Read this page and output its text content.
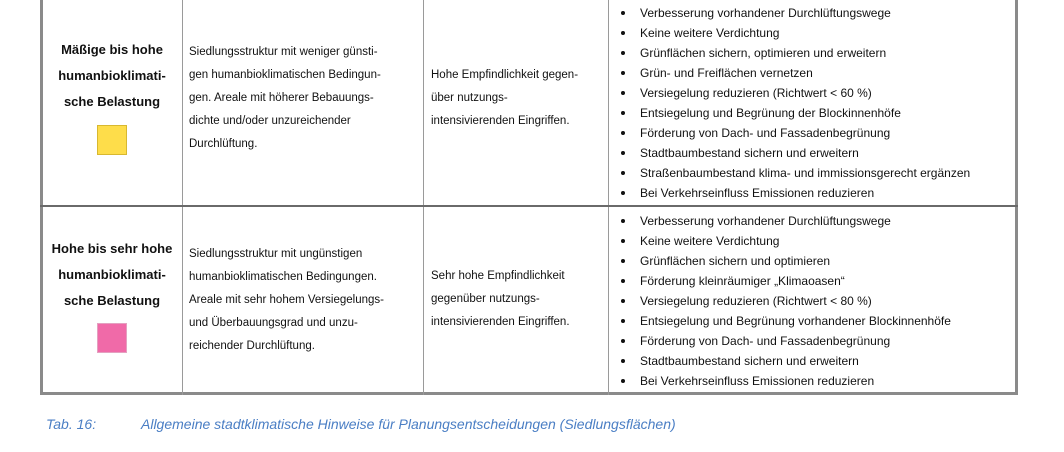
Mäßige bis hohe
humanbioklimati-
sche Belastung
Siedlungsstruktur mit weniger günsti-
gen humanbioklimatischen Bedingun-
gen. Areale mit höherer Bebauungs-
dichte und/oder unzureichender
Durchlüftung.
Hohe Empfindlichkeit gegen-
über nutzungs-
intensivierenden Eingriffen.
Verbesserung vorhandener Durchlüftungswege
Keine weitere Verdichtung
Grünflächen sichern, optimieren und erweitern
Grün- und Freiflächen vernetzen
Versiegelung reduzieren (Richtwert < 60 %)
Entsiegelung und Begrünung der Blockinnenhöfe
Förderung von Dach- und Fassadenbegrünung
Stadtbaumbestand sichern und erweitern
Straßenbaumbestand klima- und immissionsgerecht ergänzen
Bei Verkehrseinfluss Emissionen reduzieren
Hohe bis sehr hohe
humanbioklimati-
sche Belastung
Siedlungsstruktur mit ungünstigen
humanbioklimatischen Bedingungen.
Areale mit sehr hohem Versiegelungs-
und Überbauungsgrad und unzu-
reichender Durchlüftung.
Sehr hohe Empfindlichkeit
gegenüber nutzungs-
intensivierenden Eingriffen.
Verbesserung vorhandener Durchlüftungswege
Keine weitere Verdichtung
Grünflächen sichern und optimieren
Förderung kleinräumiger „Klimaoasen“
Versiegelung reduzieren (Richtwert < 80 %)
Entsiegelung und Begrünung vorhandener Blockinnenhöfe
Förderung von Dach- und Fassadenbegrünung
Stadtbaumbestand sichern und erweitern
Bei Verkehrseinfluss Emissionen reduzieren
Tab. 16:	Allgemeine stadtklimatische Hinweise für Planungsentscheidungen (Siedlungsflächen)
